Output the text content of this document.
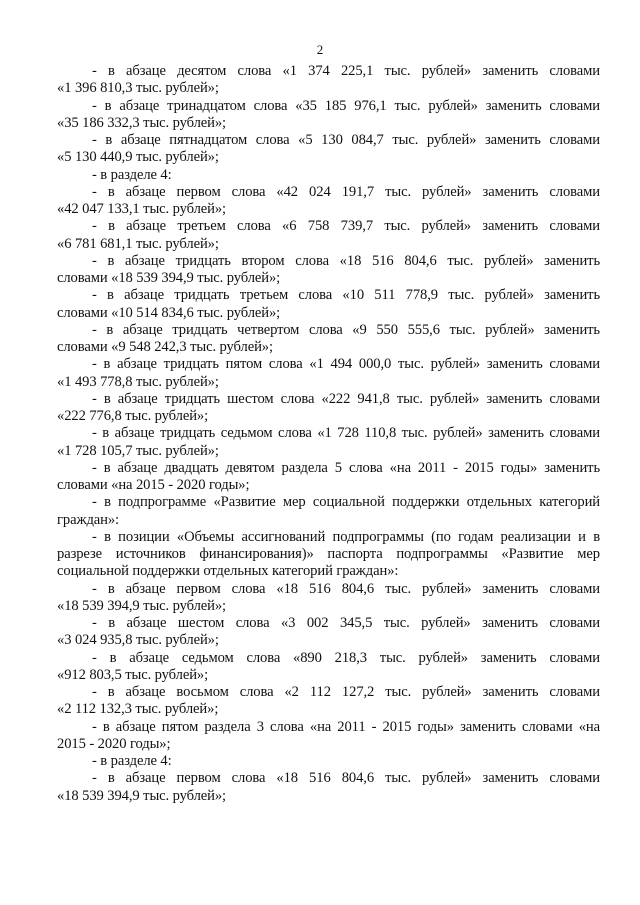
2
- в абзаце десятом слова «1 374 225,1 тыс. рублей» заменить словами
«1 396 810,3 тыс. рублей»;
- в абзаце тринадцатом слова «35 185 976,1 тыс. рублей» заменить словами
«35 186 332,3 тыс. рублей»;
- в абзаце пятнадцатом слова «5 130 084,7 тыс. рублей» заменить словами
«5 130 440,9 тыс. рублей»;
- в разделе 4:
- в абзаце первом слова «42 024 191,7 тыс. рублей» заменить словами
«42 047 133,1 тыс. рублей»;
- в абзаце третьем слова «6 758 739,7 тыс. рублей» заменить словами
«6 781 681,1 тыс. рублей»;
- в абзаце тридцать втором слова «18 516 804,6 тыс. рублей» заменить
словами «18 539 394,9 тыс. рублей»;
- в абзаце тридцать третьем слова «10 511 778,9 тыс. рублей» заменить
словами «10 514 834,6 тыс. рублей»;
- в абзаце тридцать четвертом слова «9 550 555,6 тыс. рублей» заменить
словами «9 548 242,3 тыс. рублей»;
- в абзаце тридцать пятом слова «1 494 000,0 тыс. рублей» заменить словами
«1 493 778,8 тыс. рублей»;
- в абзаце тридцать шестом слова «222 941,8 тыс. рублей» заменить словами
«222 776,8 тыс. рублей»;
- в абзаце тридцать седьмом слова «1 728 110,8 тыс. рублей» заменить словами
«1 728 105,7 тыс. рублей»;
- в абзаце двадцать девятом раздела 5 слова «на 2011 - 2015 годы» заменить
словами «на 2015 - 2020 годы»;
- в подпрограмме «Развитие мер социальной поддержки отдельных категорий
граждан»:
- в позиции «Объемы ассигнований подпрограммы (по годам реализации и в
разрезе источников финансирования)» паспорта подпрограммы «Развитие мер
социальной поддержки отдельных категорий граждан»:
- в абзаце первом слова «18 516 804,6 тыс. рублей» заменить словами
«18 539 394,9 тыс. рублей»;
- в абзаце шестом слова «3 002 345,5 тыс. рублей» заменить словами
«3 024 935,8 тыс. рублей»;
- в абзаце седьмом слова «890 218,3 тыс. рублей» заменить словами
«912 803,5 тыс. рублей»;
- в абзаце восьмом слова «2 112 127,2 тыс. рублей» заменить словами
«2 112 132,3 тыс. рублей»;
- в абзаце пятом раздела 3 слова «на 2011 - 2015 годы» заменить словами «на
2015 - 2020 годы»;
- в разделе 4:
- в абзаце первом слова «18 516 804,6 тыс. рублей» заменить словами
«18 539 394,9 тыс. рублей»;
